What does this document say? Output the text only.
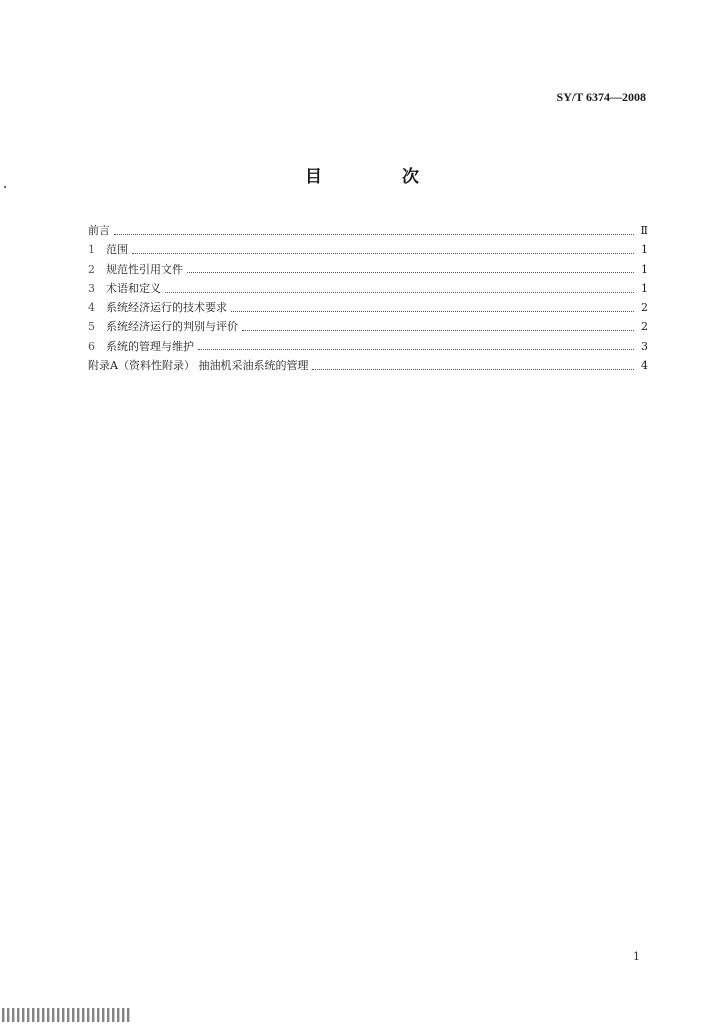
SY/T 6374—2008
目	次
前言	Ⅱ
1	范围	1
2	规范性引用文件	1
3	术语和定义	1
4	系统经济运行的技术要求	2
5	系统经济运行的判别与评价	2
6	系统的管理与维护	3
附录A（资料性附录） 抽油机采油系统的管理	4
1
